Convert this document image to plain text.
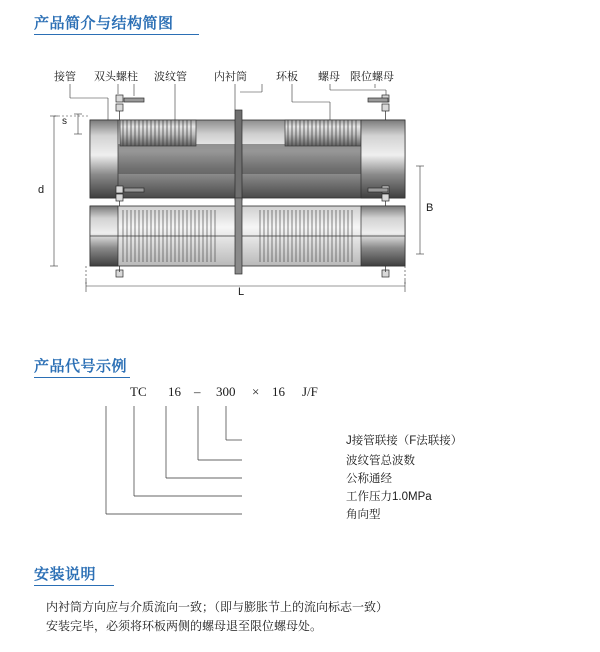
产品简介与结构简图
接管 双头螺柱 波纹管 内衬筒	环板 螺母 限位螺母
s
d
B
L
产品代号示例
TC 16 – 300 × 16 J/F
J接管联接（F法联接）
波纹管总波数
公称通经
工作压力1.0MPa
角向型
安装说明
内衬筒方向应与介质流向一致；（即与膨胀节上的流向标志一致）
安装完毕，必须将环板两侧的螺母退至限位螺母处。
